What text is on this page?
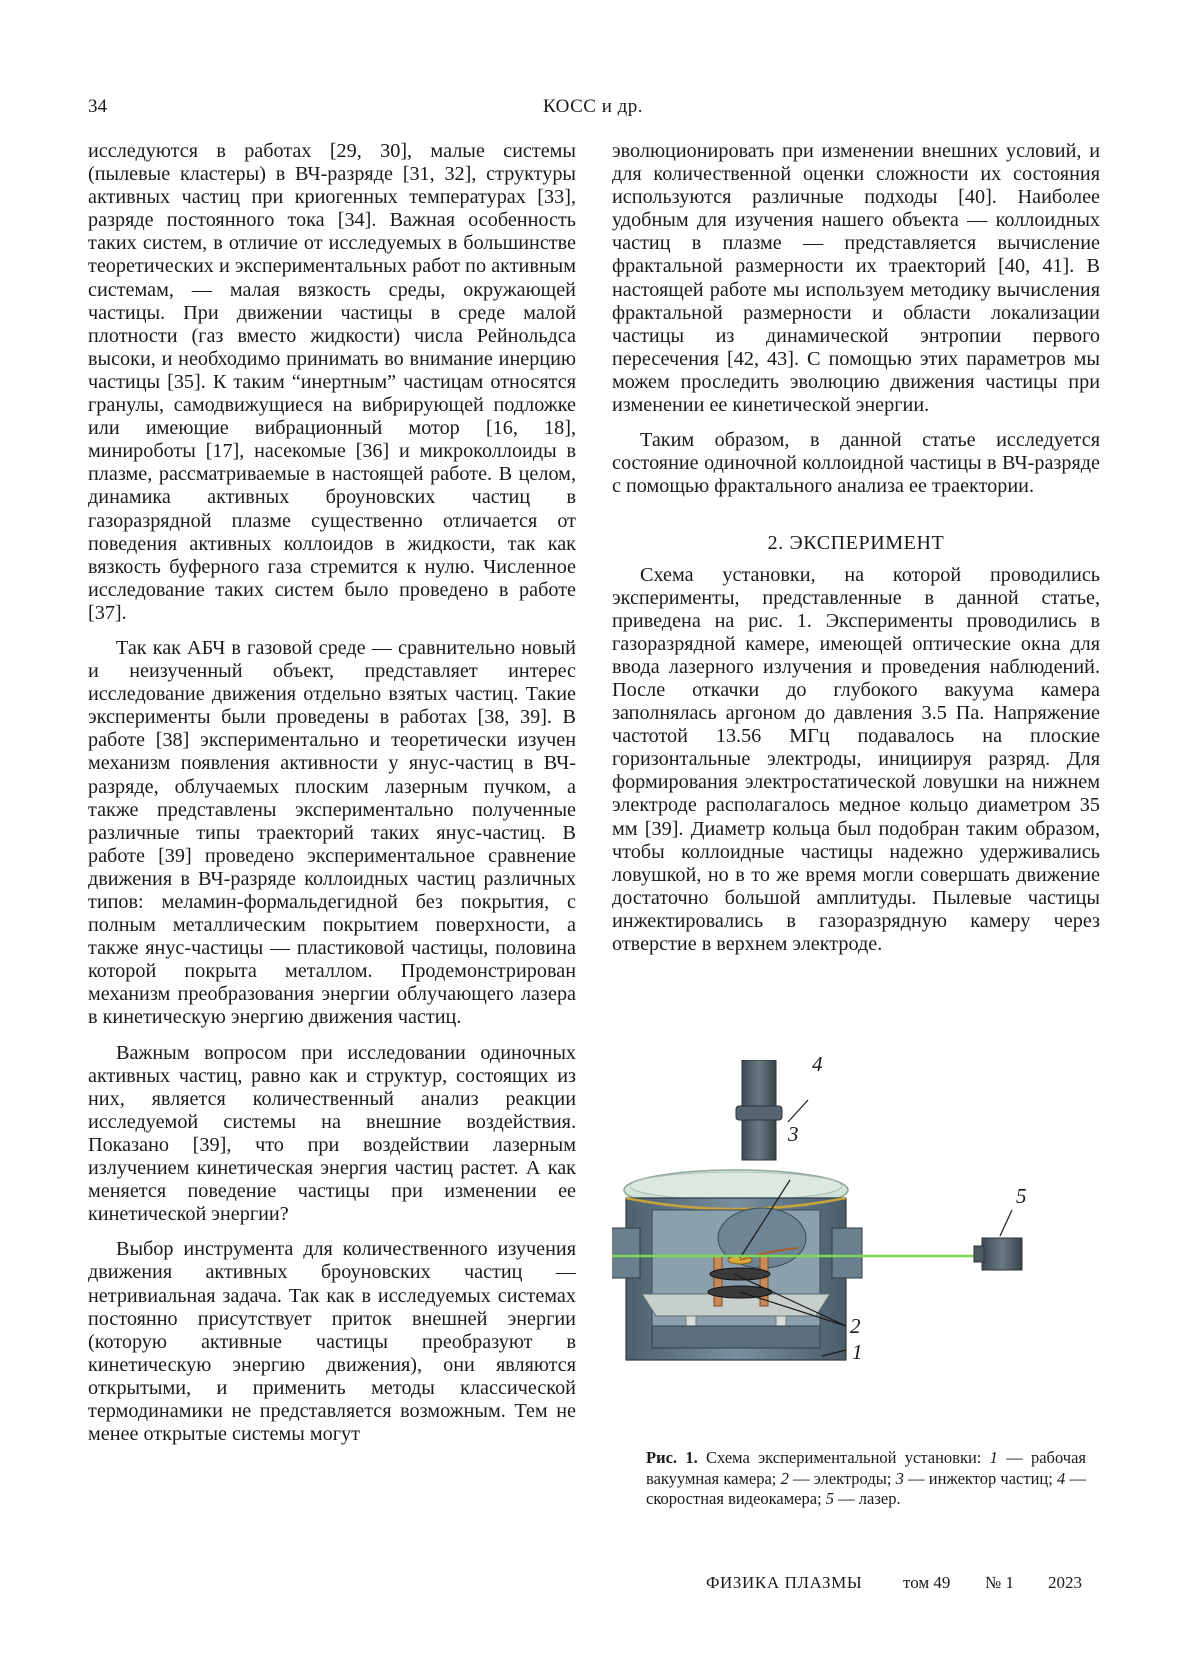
34	КОСС и др.

исследуются в работах [29, 30], малые системы (пылевые кластеры) в ВЧ-разряде [31, 32], структуры активных частиц при криогенных температурах [33], разряде постоянного тока [34]. Важная особенность таких систем, в отличие от исследуемых в большинстве теоретических и экспериментальных работ по активным системам, — малая вязкость среды, окружающей частицы. При движении частицы в среде малой плотности (газ вместо жидкости) числа Рейнольдса высоки, и необходимо принимать во внимание инерцию частицы [35]. К таким “инертным” частицам относятся гранулы, самодвижущиеся на вибрирующей подложке или имеющие вибрационный мотор [16, 18], минироботы [17], насекомые [36] и микроколлоиды в плазме, рассматриваемые в настоящей работе. В целом, динамика активных броуновских частиц в газоразрядной плазме существенно отличается от поведения активных коллоидов в жидкости, так как вязкость буферного газа стремится к нулю. Численное исследование таких систем было проведено в работе [37].

Так как АБЧ в газовой среде — сравнительно новый и неизученный объект, представляет интерес исследование движения отдельно взятых частиц. Такие эксперименты были проведены в работах [38, 39]. В работе [38] экспериментально и теоретически изучен механизм появления активности у янус-частиц в ВЧ-разряде, облучаемых плоским лазерным пучком, а также представлены экспериментально полученные различные типы траекторий таких янус-частиц. В работе [39] проведено экспериментальное сравнение движения в ВЧ-разряде коллоидных частиц различных типов: меламин-формальдегидной без покрытия, с полным металлическим покрытием поверхности, а также янус-частицы — пластиковой частицы, половина которой покрыта металлом. Продемонстрирован механизм преобразования энергии облучающего лазера в кинетическую энергию движения частиц.

Важным вопросом при исследовании одиночных активных частиц, равно как и структур, состоящих из них, является количественный анализ реакции исследуемой системы на внешние воздействия. Показано [39], что при воздействии лазерным излучением кинетическая энергия частиц растет. А как меняется поведение частицы при изменении ее кинетической энергии?

Выбор инструмента для количественного изучения движения активных броуновских частиц — нетривиальная задача. Так как в исследуемых системах постоянно присутствует приток внешней энергии (которую активные частицы преобразуют в кинетическую энергию движения), они являются открытыми, и применить методы классической термодинамики не представляется возможным. Тем не менее открытые системы могут

эволюционировать при изменении внешних условий, и для количественной оценки сложности их состояния используются различные подходы [40]. Наиболее удобным для изучения нашего объекта — коллоидных частиц в плазме — представляется вычисление фрактальной размерности их траекторий [40, 41]. В настоящей работе мы используем методику вычисления фрактальной размерности и области локализации частицы из динамической энтропии первого пересечения [42, 43]. С помощью этих параметров мы можем проследить эволюцию движения частицы при изменении ее кинетической энергии.

Таким образом, в данной статье исследуется состояние одиночной коллоидной частицы в ВЧ-разряде с помощью фрактального анализа ее траектории.

2. ЭКСПЕРИМЕНТ

Схема установки, на которой проводились эксперименты, представленные в данной статье, приведена на рис. 1. Эксперименты проводились в газоразрядной камере, имеющей оптические окна для ввода лазерного излучения и проведения наблюдений. После откачки до глубокого вакуума камера заполнялась аргоном до давления 3.5 Па. Напряжение частотой 13.56 МГц подавалось на плоские горизонтальные электроды, инициируя разряд. Для формирования электростатической ловушки на нижнем электроде располагалось медное кольцо диаметром 35 мм [39]. Диаметр кольца был подобран таким образом, чтобы коллоидные частицы надежно удерживались ловушкой, но в то же время могли совершать движение достаточно большой амплитуды. Пылевые частицы инжектировались в газоразрядную камеру через отверстие в верхнем электроде.

4
3
5
2
1
Рис. 1. Схема экспериментальной установки: 1 — рабочая вакуумная камера; 2 — электроды; 3 — инжектор частиц; 4 — скоростная видеокамера; 5 — лазер.
ФИЗИКА ПЛАЗМЫ том 49 № 1 2023
